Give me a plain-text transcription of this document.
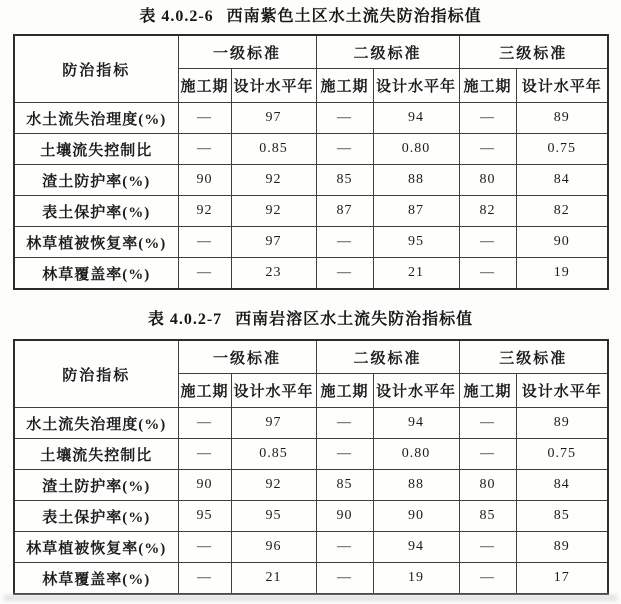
表 4.0.2-6 西南紫色土区水土流失防治指标值
防治指标	一级标准		二级标准		三级标准	
	施工期	设计水平年	施工期	设计水平年	施工期	设计水平年
水土流失治理度(%)	—	97	—	94	—	89
土壤流失控制比	—	0.85	—	0.80	—	0.75
渣土防护率(%)	90	92	85	88	80	84
表土保护率(%)	92	92	87	87	82	82
林草植被恢复率(%)	—	97	—	95	—	90
林草覆盖率(%)	—	23	—	21	—	19
表 4.0.2-7 西南岩溶区水土流失防治指标值
防治指标	一级标准		二级标准		三级标准	
	施工期	设计水平年	施工期	设计水平年	施工期	设计水平年
水土流失治理度(%)	—	97	—	94	—	89
土壤流失控制比	—	0.85	—	0.80	—	0.75
渣土防护率(%)	90	92	85	88	80	84
表土保护率(%)	95	95	90	90	85	85
林草植被恢复率(%)	—	96	—	94	—	89
林草覆盖率(%)	—	21	—	19	—	17
